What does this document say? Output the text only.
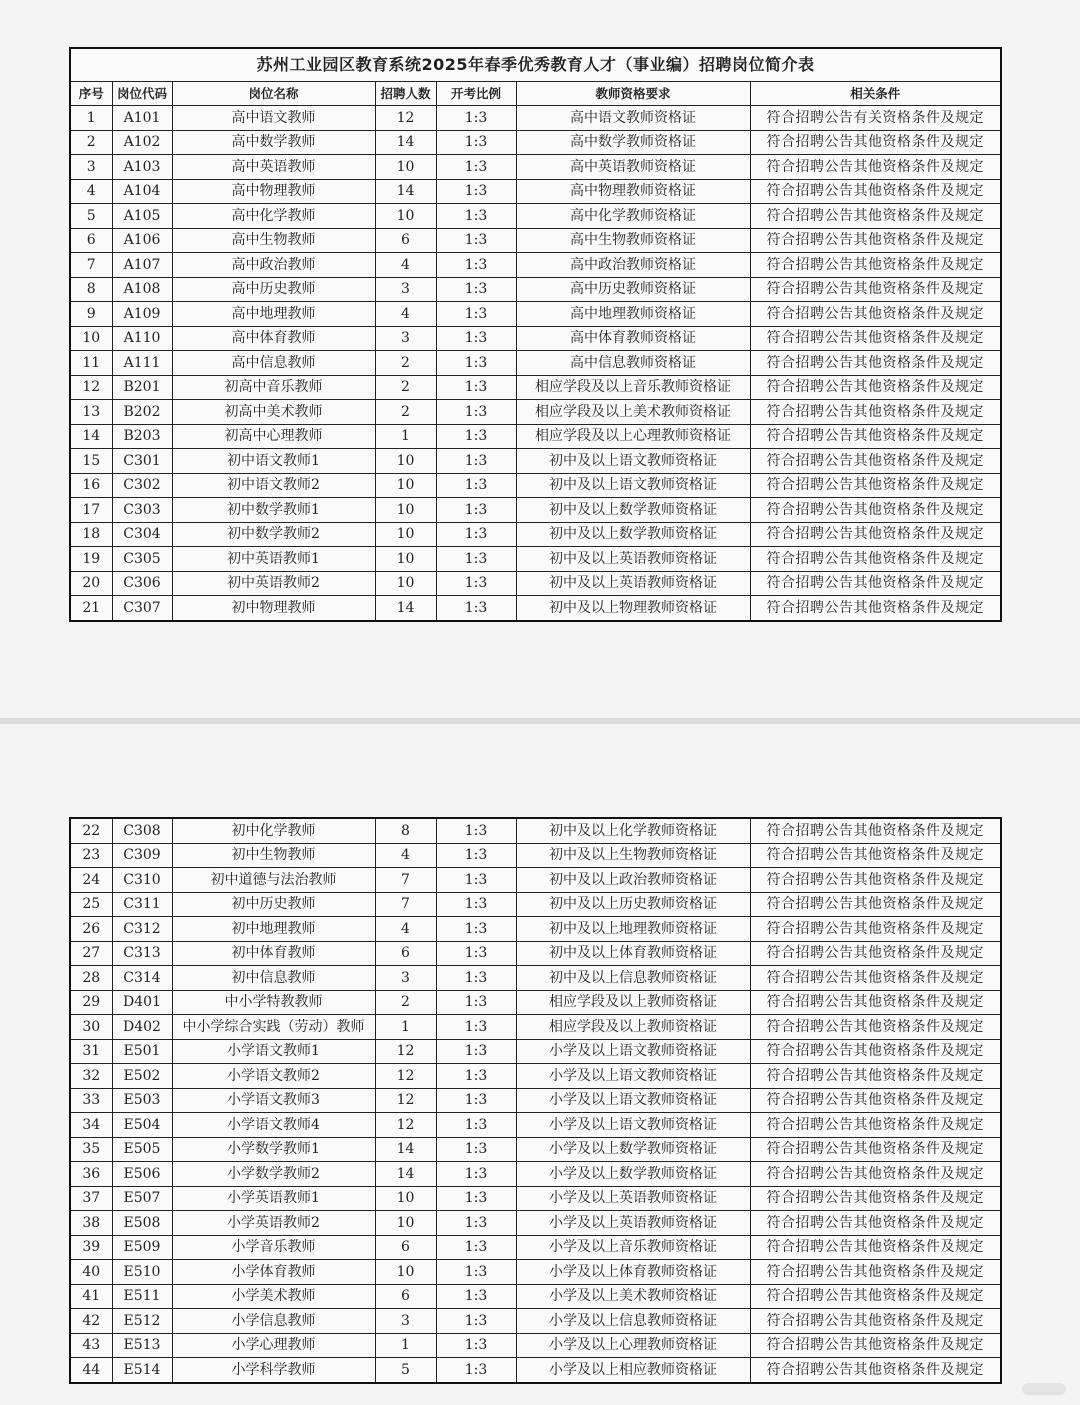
苏州工业园区教育系统2025年春季优秀教育人才（事业编）招聘岗位简介表						
序号	岗位代码	岗位名称	招聘人数	开考比例	教师资格要求	相关条件
1	A101	高中语文教师	12	1:3	高中语文教师资格证	符合招聘公告有关资格条件及规定
2	A102	高中数学教师	14	1:3	高中数学教师资格证	符合招聘公告其他资格条件及规定
3	A103	高中英语教师	10	1:3	高中英语教师资格证	符合招聘公告其他资格条件及规定
4	A104	高中物理教师	14	1:3	高中物理教师资格证	符合招聘公告其他资格条件及规定
5	A105	高中化学教师	10	1:3	高中化学教师资格证	符合招聘公告其他资格条件及规定
6	A106	高中生物教师	6	1:3	高中生物教师资格证	符合招聘公告其他资格条件及规定
7	A107	高中政治教师	4	1:3	高中政治教师资格证	符合招聘公告其他资格条件及规定
8	A108	高中历史教师	3	1:3	高中历史教师资格证	符合招聘公告其他资格条件及规定
9	A109	高中地理教师	4	1:3	高中地理教师资格证	符合招聘公告其他资格条件及规定
10	A110	高中体育教师	3	1:3	高中体育教师资格证	符合招聘公告其他资格条件及规定
11	A111	高中信息教师	2	1:3	高中信息教师资格证	符合招聘公告其他资格条件及规定
12	B201	初高中音乐教师	2	1:3	相应学段及以上音乐教师资格证	符合招聘公告其他资格条件及规定
13	B202	初高中美术教师	2	1:3	相应学段及以上美术教师资格证	符合招聘公告其他资格条件及规定
14	B203	初高中心理教师	1	1:3	相应学段及以上心理教师资格证	符合招聘公告其他资格条件及规定
15	C301	初中语文教师1	10	1:3	初中及以上语文教师资格证	符合招聘公告其他资格条件及规定
16	C302	初中语文教师2	10	1:3	初中及以上语文教师资格证	符合招聘公告其他资格条件及规定
17	C303	初中数学教师1	10	1:3	初中及以上数学教师资格证	符合招聘公告其他资格条件及规定
18	C304	初中数学教师2	10	1:3	初中及以上数学教师资格证	符合招聘公告其他资格条件及规定
19	C305	初中英语教师1	10	1:3	初中及以上英语教师资格证	符合招聘公告其他资格条件及规定
20	C306	初中英语教师2	10	1:3	初中及以上英语教师资格证	符合招聘公告其他资格条件及规定
21	C307	初中物理教师	14	1:3	初中及以上物理教师资格证	符合招聘公告其他资格条件及规定
22	C308	初中化学教师	8	1:3	初中及以上化学教师资格证	符合招聘公告其他资格条件及规定
23	C309	初中生物教师	4	1:3	初中及以上生物教师资格证	符合招聘公告其他资格条件及规定
24	C310	初中道德与法治教师	7	1:3	初中及以上政治教师资格证	符合招聘公告其他资格条件及规定
25	C311	初中历史教师	7	1:3	初中及以上历史教师资格证	符合招聘公告其他资格条件及规定
26	C312	初中地理教师	4	1:3	初中及以上地理教师资格证	符合招聘公告其他资格条件及规定
27	C313	初中体育教师	6	1:3	初中及以上体育教师资格证	符合招聘公告其他资格条件及规定
28	C314	初中信息教师	3	1:3	初中及以上信息教师资格证	符合招聘公告其他资格条件及规定
29	D401	中小学特教教师	2	1:3	相应学段及以上教师资格证	符合招聘公告其他资格条件及规定
30	D402	中小学综合实践（劳动）教师	1	1:3	相应学段及以上教师资格证	符合招聘公告其他资格条件及规定
31	E501	小学语文教师1	12	1:3	小学及以上语文教师资格证	符合招聘公告其他资格条件及规定
32	E502	小学语文教师2	12	1:3	小学及以上语文教师资格证	符合招聘公告其他资格条件及规定
33	E503	小学语文教师3	12	1:3	小学及以上语文教师资格证	符合招聘公告其他资格条件及规定
34	E504	小学语文教师4	12	1:3	小学及以上语文教师资格证	符合招聘公告其他资格条件及规定
35	E505	小学数学教师1	14	1:3	小学及以上数学教师资格证	符合招聘公告其他资格条件及规定
36	E506	小学数学教师2	14	1:3	小学及以上数学教师资格证	符合招聘公告其他资格条件及规定
37	E507	小学英语教师1	10	1:3	小学及以上英语教师资格证	符合招聘公告其他资格条件及规定
38	E508	小学英语教师2	10	1:3	小学及以上英语教师资格证	符合招聘公告其他资格条件及规定
39	E509	小学音乐教师	6	1:3	小学及以上音乐教师资格证	符合招聘公告其他资格条件及规定
40	E510	小学体育教师	10	1:3	小学及以上体育教师资格证	符合招聘公告其他资格条件及规定
41	E511	小学美术教师	6	1:3	小学及以上美术教师资格证	符合招聘公告其他资格条件及规定
42	E512	小学信息教师	3	1:3	小学及以上信息教师资格证	符合招聘公告其他资格条件及规定
43	E513	小学心理教师	1	1:3	小学及以上心理教师资格证	符合招聘公告其他资格条件及规定
44	E514	小学科学教师	5	1:3	小学及以上相应教师资格证	符合招聘公告其他资格条件及规定
